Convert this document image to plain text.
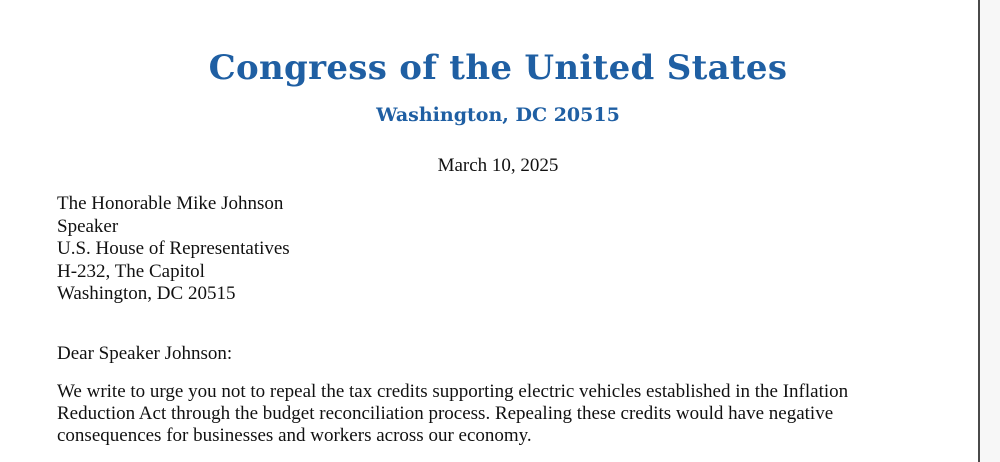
Congress of the United States
Washington, DC 20515
March 10, 2025
The Honorable Mike Johnson
Speaker
U.S. House of Representatives
H-232, The Capitol
Washington, DC 20515
Dear Speaker Johnson:
We write to urge you not to repeal the tax credits supporting electric vehicles established in the Inflation
Reduction Act through the budget reconciliation process. Repealing these credits would have negative
consequences for businesses and workers across our economy.
